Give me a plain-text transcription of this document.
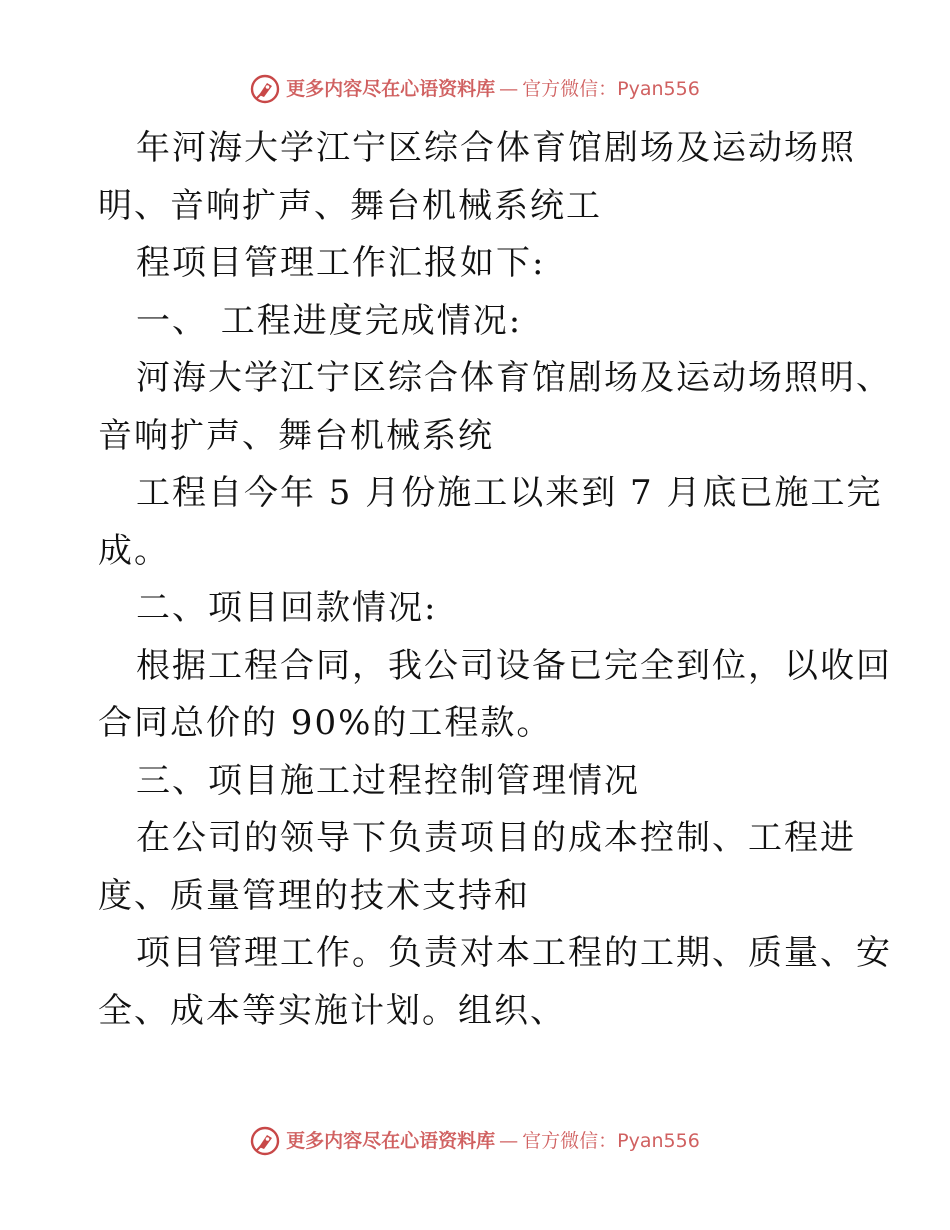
更多内容尽在心语资料库 — 官方微信：Pyan556
年河海大学江宁区综合体育馆剧场及运动场照
明、音响扩声、舞台机械系统工
程项目管理工作汇报如下:
一、 工程进度完成情况:
河海大学江宁区综合体育馆剧场及运动场照明、
音响扩声、舞台机械系统
工程自今年 5 月份施工以来到 7 月底已施工完
成。
二、项目回款情况:
根据工程合同，我公司设备已完全到位，以收回
合同总价的 90%的工程款。
三、项目施工过程控制管理情况
在公司的领导下负责项目的成本控制、工程进
度、质量管理的技术支持和
项目管理工作。负责对本工程的工期、质量、安
全、成本等实施计划。组织、
更多内容尽在心语资料库 — 官方微信：Pyan556
